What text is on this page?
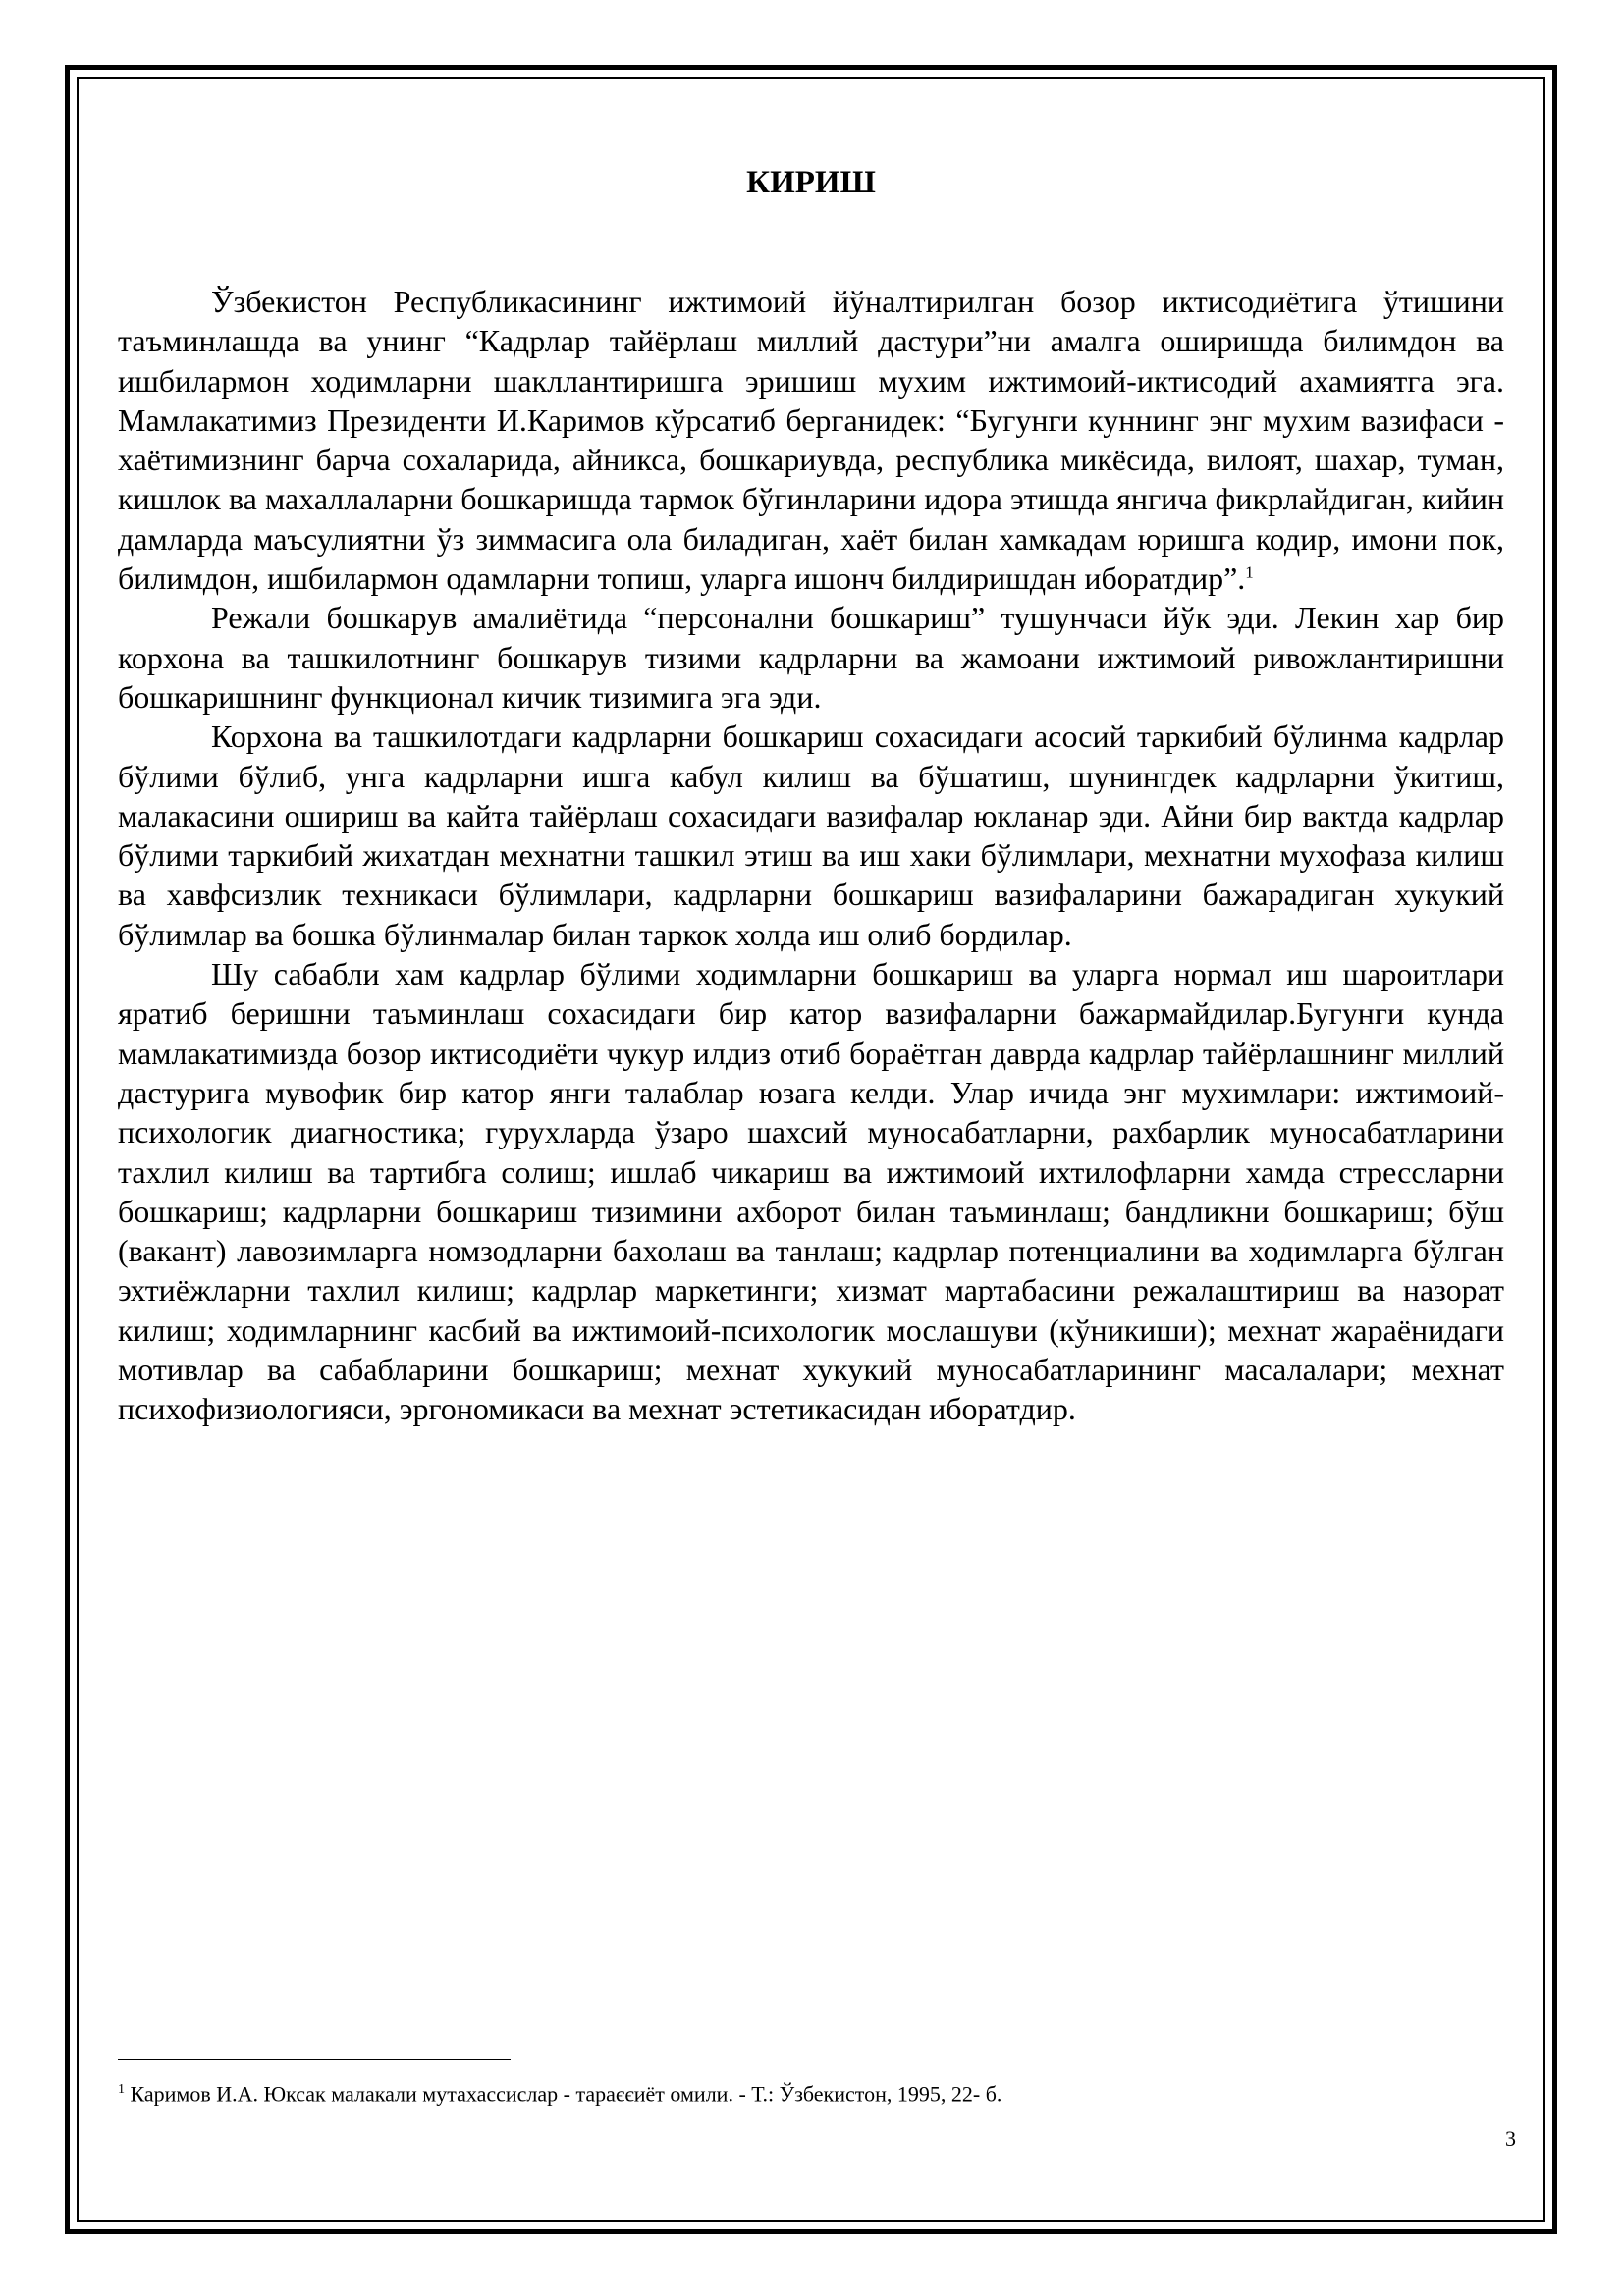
КИРИШ

Ўзбекистон Республикасининг ижтимоий йўналтирилган бозор иктисодиётига ўтишини таъминлашда ва унинг “Кадрлар тайёрлаш миллий дастури”ни амалга оширишда билимдон ва ишбилармон ходимларни шакллантиришга эришиш мухим ижтимоий-иктисодий ахамиятга эга. Мамлакатимиз Президенти И.Каримов кўрсатиб берганидек: “Бугунги куннинг энг мухим вазифаси - хаётимизнинг барча сохаларида, айникса, бошкариувда, республика микёсида, вилоят, шахар, туман, кишлок ва махаллаларни бошкаришда тармок бўгинларини идора этишда янгича фикрлайдиган, кийин дамларда маъсулиятни ўз зиммасига ола биладиган, хаёт билан хамкадам юришга кодир, имони пок, билимдон, ишбилармон одамларни топиш, уларга ишонч билдиришдан иборатдир”.$^1$

Режали бошкарув амалиётида “персонални бошкариш” тушунчаси йўк эди. Лекин хар бир корхона ва ташкилотнинг бошкарув тизими кадрларни ва жамоани ижтимоий ривожлантиришни бошкаришнинг функционал кичик тизимига эга эди.

Корхона ва ташкилотдаги кадрларни бошкариш сохасидаги асосий таркибий бўлинма кадрлар бўлими бўлиб, унга кадрларни ишга кабул килиш ва бўшатиш, шунингдек кадрларни ўкитиш, малакасини ошириш ва кайта тайёрлаш сохасидаги вазифалар юкланар эди. Айни бир вактда кадрлар бўлими таркибий жихатдан мехнатни ташкил этиш ва иш хаки бўлимлари, мехнатни мухофаза килиш ва хавфсизлик техникаси бўлимлари, кадрларни бошкариш вазифаларини бажарадиган хукукий бўлимлар ва бошка бўлинмалар билан таркок холда иш олиб бордилар.

Шу сабабли хам кадрлар бўлими ходимларни бошкариш ва уларга нормал иш шароитлари яратиб беришни таъминлаш сохасидаги бир катор вазифаларни бажармайдилар.Бугунги кунда мамлакатимизда бозор иктисодиёти чукур илдиз отиб бораётган даврда кадрлар тайёрлашнинг миллий дастурига мувофик бир катор янги талаблар юзага келди. Улар ичида энг мухимлари: ижтимоий-психологик диагностика; гурухларда ўзаро шахсий муносабатларни, рахбарлик муносабатларини тахлил килиш ва тартибга солиш; ишлаб чикариш ва ижтимоий ихтилофларни хамда стрессларни бошкариш; кадрларни бошкариш тизимини ахборот билан таъминлаш; бандликни бошкариш; бўш (вакант) лавозимларга номзодларни бахолаш ва танлаш; кадрлар потенциалини ва ходимларга бўлган эхтиёжларни тахлил килиш; кадрлар маркетинги; хизмат мартабасини режалаштириш ва назорат килиш; ходимларнинг касбий ва ижтимоий-психологик мослашуви (кўникиши); мехнат жараёнидаги мотивлар ва сабабларини бошкариш; мехнат хукукий муносабатларининг масалалари; мехнат психофизиологияси, эргономикаси ва мехнат эстетикасидан иборатдир.

$^1$ Каримов И.А. Юксак малакали мутахассислар - тараєєиёт омили. - Т.: Ўзбекистон, 1995, 22- б.

3
